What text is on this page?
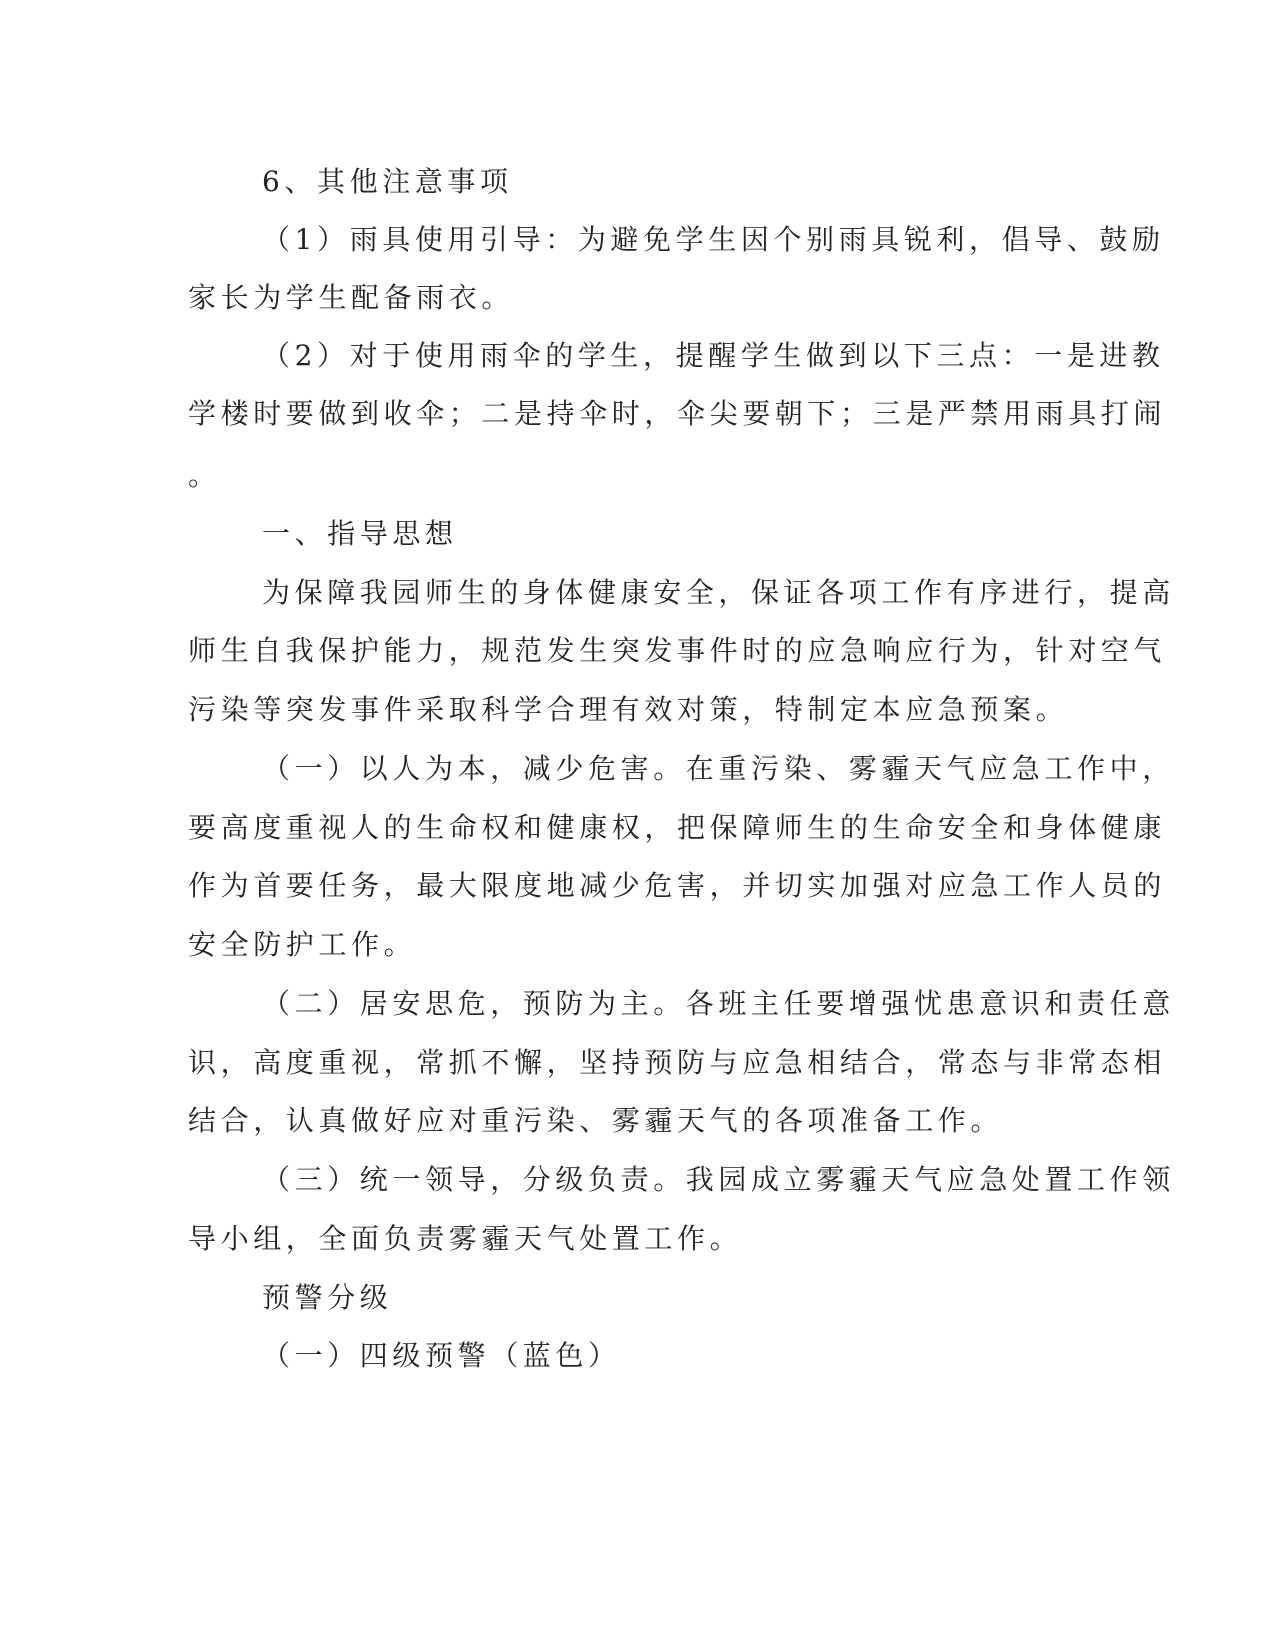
6、其他注意事项
（1）雨具使用引导：为避免学生因个别雨具锐利，倡导、鼓励
家长为学生配备雨衣。
（2）对于使用雨伞的学生，提醒学生做到以下三点：一是进教
学楼时要做到收伞；二是持伞时，伞尖要朝下；三是严禁用雨具打闹
。
一、指导思想
为保障我园师生的身体健康安全，保证各项工作有序进行，提高
师生自我保护能力，规范发生突发事件时的应急响应行为，针对空气
污染等突发事件采取科学合理有效对策，特制定本应急预案。
（一）以人为本，减少危害。在重污染、雾霾天气应急工作中，
要高度重视人的生命权和健康权，把保障师生的生命安全和身体健康
作为首要任务，最大限度地减少危害，并切实加强对应急工作人员的
安全防护工作。
（二）居安思危，预防为主。各班主任要增强忧患意识和责任意
识，高度重视，常抓不懈，坚持预防与应急相结合，常态与非常态相
结合，认真做好应对重污染、雾霾天气的各项准备工作。
（三）统一领导，分级负责。我园成立雾霾天气应急处置工作领
导小组，全面负责雾霾天气处置工作。
预警分级
（一）四级预警（蓝色）
